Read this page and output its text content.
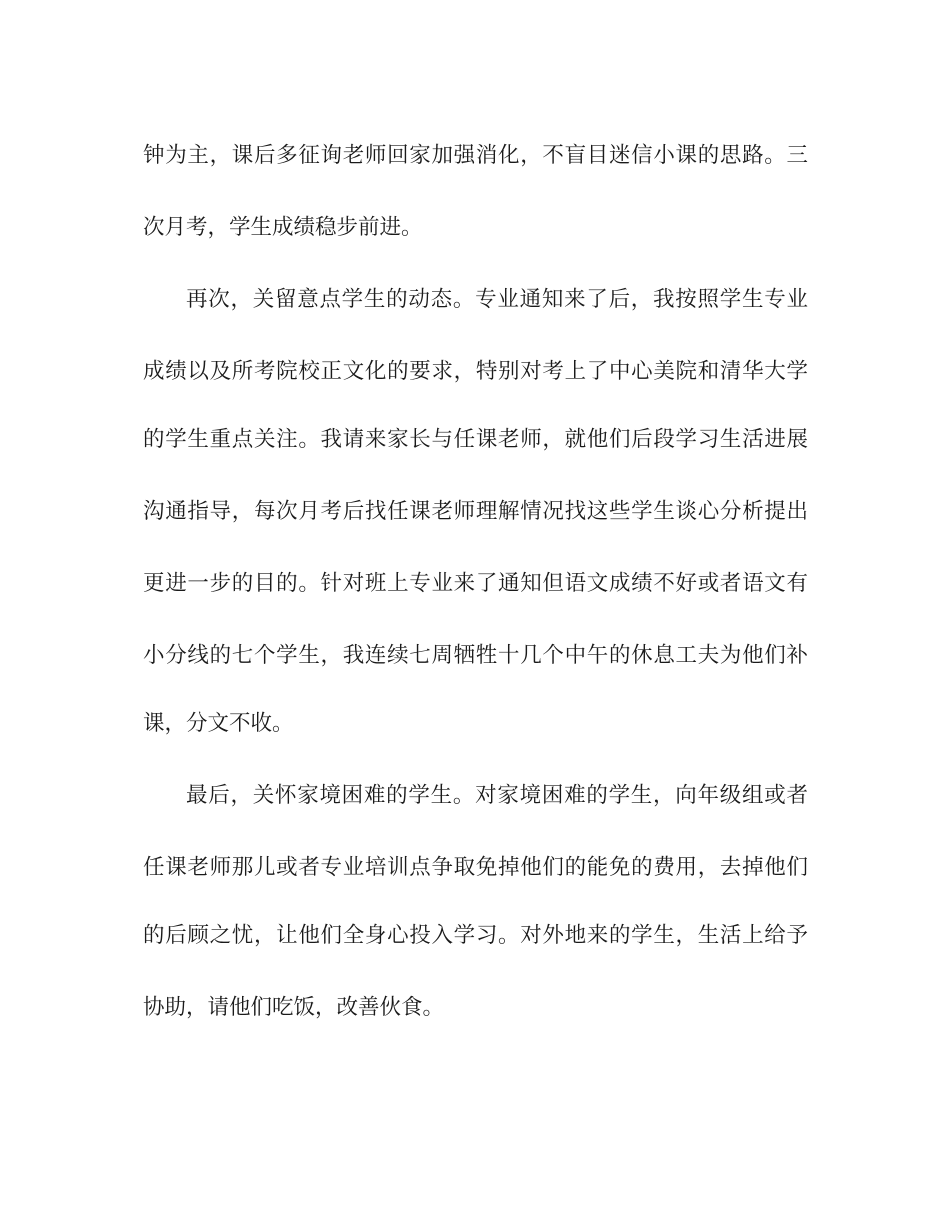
钟为主，课后多征询老师回家加强消化，不盲目迷信小课的思路。三
次月考，学生成绩稳步前进。
再次，关留意点学生的动态。专业通知来了后，我按照学生专业
成绩以及所考院校正文化的要求，特别对考上了中心美院和清华大学
的学生重点关注。我请来家长与任课老师，就他们后段学习生活进展
沟通指导，每次月考后找任课老师理解情况找这些学生谈心分析提出
更进一步的目的。针对班上专业来了通知但语文成绩不好或者语文有
小分线的七个学生，我连续七周牺牲十几个中午的休息工夫为他们补
课，分文不收。
最后，关怀家境困难的学生。对家境困难的学生，向年级组或者
任课老师那儿或者专业培训点争取免掉他们的能免的费用，去掉他们
的后顾之忧，让他们全身心投入学习。对外地来的学生，生活上给予
协助，请他们吃饭，改善伙食。
